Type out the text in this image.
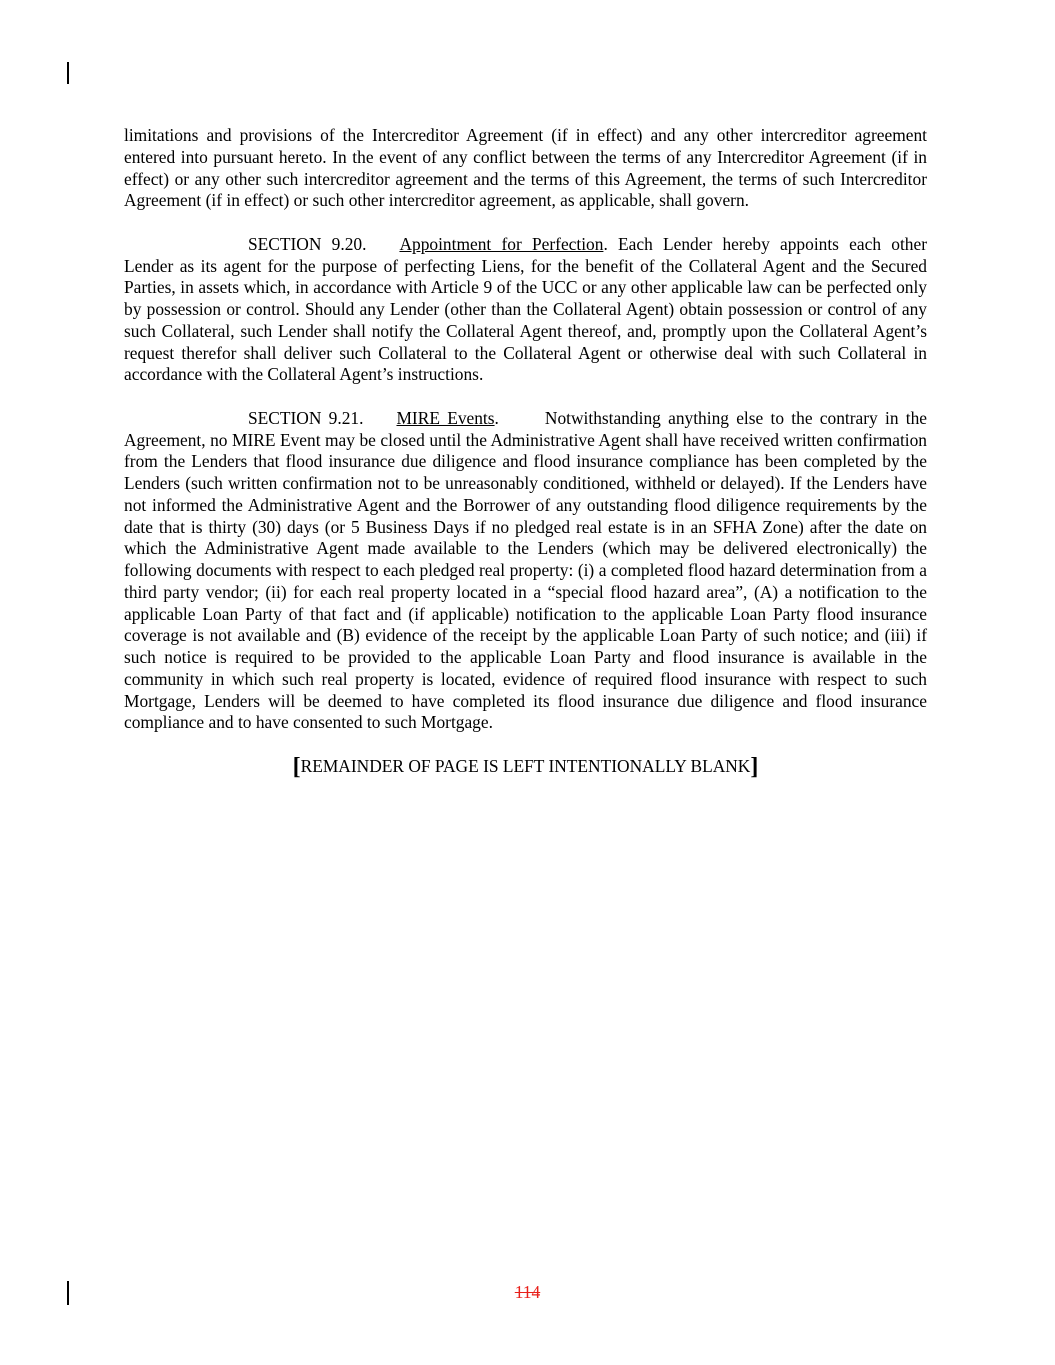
limitations and provisions of the Intercreditor Agreement (if in effect) and any other intercreditor agreement entered into pursuant hereto. In the event of any conflict between the terms of any Intercreditor Agreement (if in effect) or any other such intercreditor agreement and the terms of this Agreement, the terms of such Intercreditor Agreement (if in effect) or such other intercreditor agreement, as applicable, shall govern.

SECTION 9.20. Appointment for Perfection. Each Lender hereby appoints each other Lender as its agent for the purpose of perfecting Liens, for the benefit of the Collateral Agent and the Secured Parties, in assets which, in accordance with Article 9 of the UCC or any other applicable law can be perfected only by possession or control. Should any Lender (other than the Collateral Agent) obtain possession or control of any such Collateral, such Lender shall notify the Collateral Agent thereof, and, promptly upon the Collateral Agent’s request therefor shall deliver such Collateral to the Collateral Agent or otherwise deal with such Collateral in accordance with the Collateral Agent’s instructions.

SECTION 9.21. MIRE Events.	Notwithstanding anything else to the contrary in the Agreement, no MIRE Event may be closed until the Administrative Agent shall have received written confirmation from the Lenders that flood insurance due diligence and flood insurance compliance has been completed by the Lenders (such written confirmation not to be unreasonably conditioned, withheld or delayed). If the Lenders have not informed the Administrative Agent and the Borrower of any outstanding flood diligence requirements by the date that is thirty (30) days (or 5 Business Days if no pledged real estate is in an SFHA Zone) after the date on which the Administrative Agent made available to the Lenders (which may be delivered electronically) the following documents with respect to each pledged real property: (i) a completed flood hazard determination from a third party vendor; (ii) for each real property located in a “special flood hazard area”, (A) a notification to the applicable Loan Party of that fact and (if applicable) notification to the applicable Loan Party flood insurance coverage is not available and (B) evidence of the receipt by the applicable Loan Party of such notice; and (iii) if such notice is required to be provided to the applicable Loan Party and flood insurance is available in the community in which such real property is located, evidence of required flood insurance with respect to such Mortgage, Lenders will be deemed to have completed its flood insurance due diligence and flood insurance compliance and to have consented to such Mortgage.

[REMAINDER OF PAGE IS LEFT INTENTIONALLY BLANK]
114
